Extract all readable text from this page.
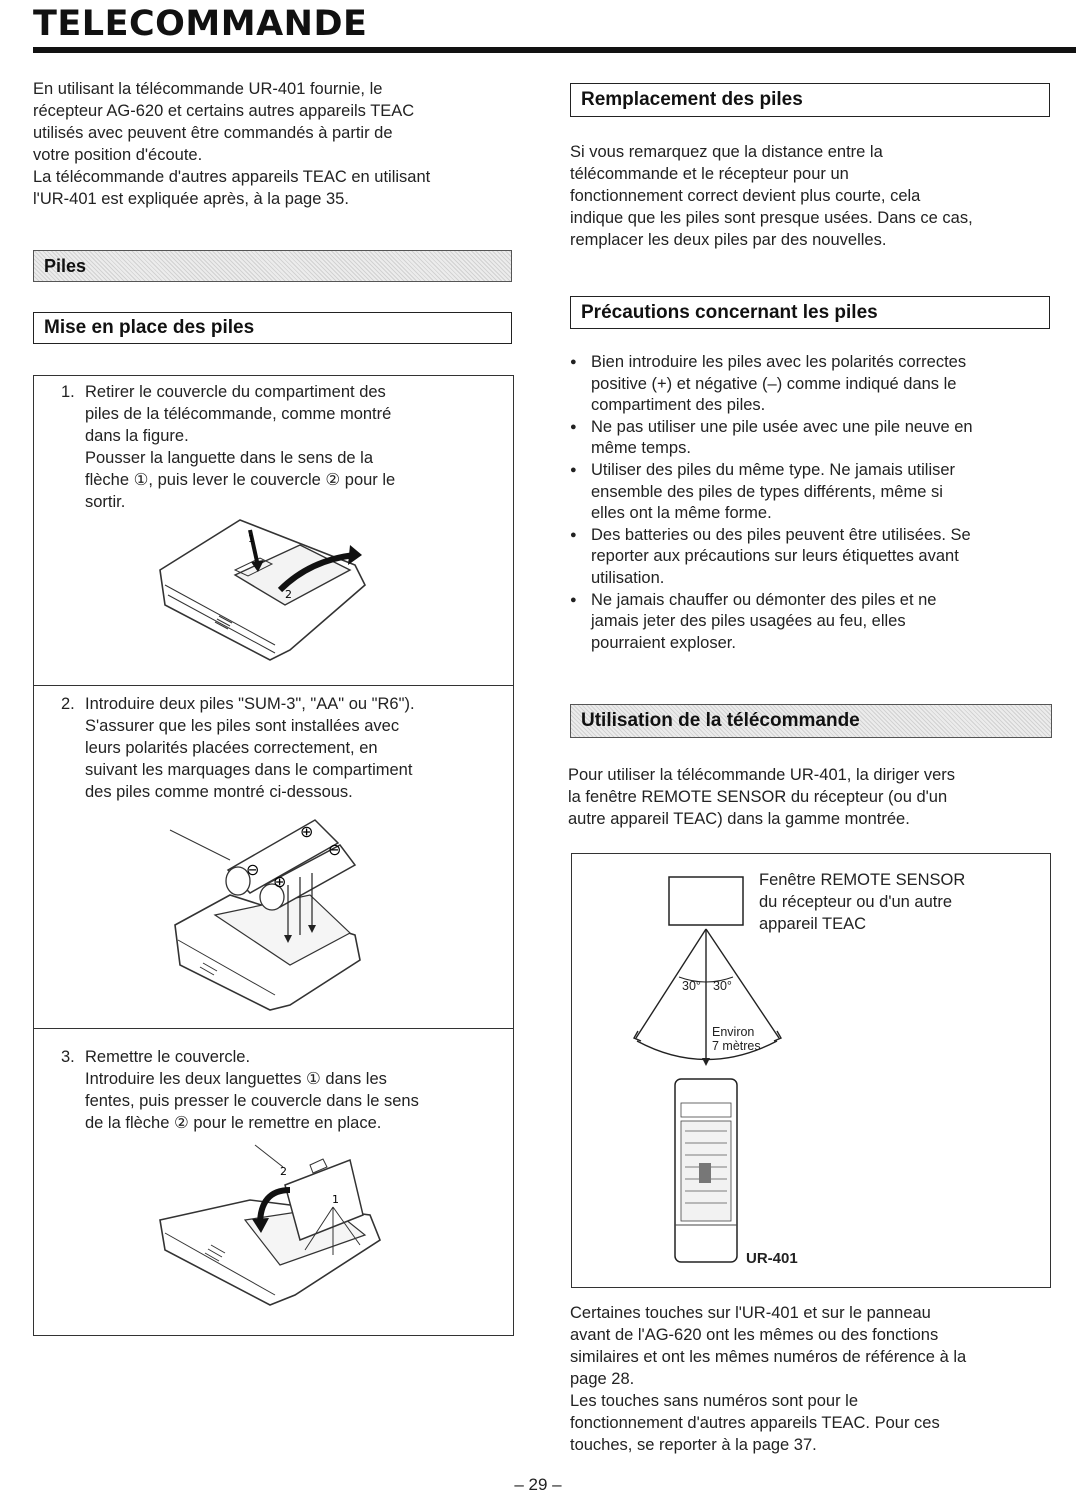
TELECOMMANDE

En utilisant la télécommande UR-401 fournie, le

récepteur AG-620 et certains autres appareils TEAC

utilisés avec peuvent être commandés à partir de

votre position d'écoute.

La télécommande d'autres appareils TEAC en utilisant

l'UR-401 est expliquée après, à la page 35.

Piles
Mise en place des piles
1. Retirer le couvercle du compartiment des

piles de la télécommande, comme montré

dans la figure.

Pousser la languette dans le sens de la

flèche ①, puis lever le couvercle ② pour le

sortir.

1
2
2. Introduire deux piles "SUM-3", "AA" ou "R6").

S'assurer que les piles sont installées avec

leurs polarités placées correctement, en

suivant les marquages dans le compartiment

des piles comme montré ci-dessous.

⊕
⊖
⊖
⊕
3. Remettre le couvercle.

Introduire les deux languettes ① dans les

fentes, puis presser le couvercle dans le sens

de la flèche ② pour le remettre en place.

2
1
Remplacement des piles

Si vous remarquez que la distance entre la

télécommande et le récepteur pour un

fonctionnement correct devient plus courte, cela

indique que les piles sont presque usées. Dans ce cas,

remplacer les deux piles par des nouvelles.

Précautions concernant les piles
● Bien introduire les piles avec les polarités correctes
positive (+) et négative (–) comme indiqué dans le
compartiment des piles.
● Ne pas utiliser une pile usée avec une pile neuve en
même temps.
● Utiliser des piles du même type. Ne jamais utiliser
ensemble des piles de types différents, même si
elles ont la même forme.
● Des batteries ou des piles peuvent être utilisées. Se
reporter aux précautions sur leurs étiquettes avant
utilisation.
● Ne jamais chauffer ou démonter des piles et ne
jamais jeter des piles usagées au feu, elles
pourraient exploser.
Utilisation de la télécommande

Pour utiliser la télécommande UR-401, la diriger vers

la fenêtre REMOTE SENSOR du récepteur (ou d'un

autre appareil TEAC) dans la gamme montrée.

Fenêtre REMOTE SENSOR

du récepteur ou d'un autre

appareil TEAC

30° 30°
Environ
7 mètres
UR-401

Certaines touches sur l'UR-401 et sur le panneau

avant de l'AG-620 ont les mêmes ou des fonctions

similaires et ont les mêmes numéros de référence à la

page 28.

Les touches sans numéros sont pour le

fonctionnement d'autres appareils TEAC. Pour ces

touches, se reporter à la page 37.

– 29 –
